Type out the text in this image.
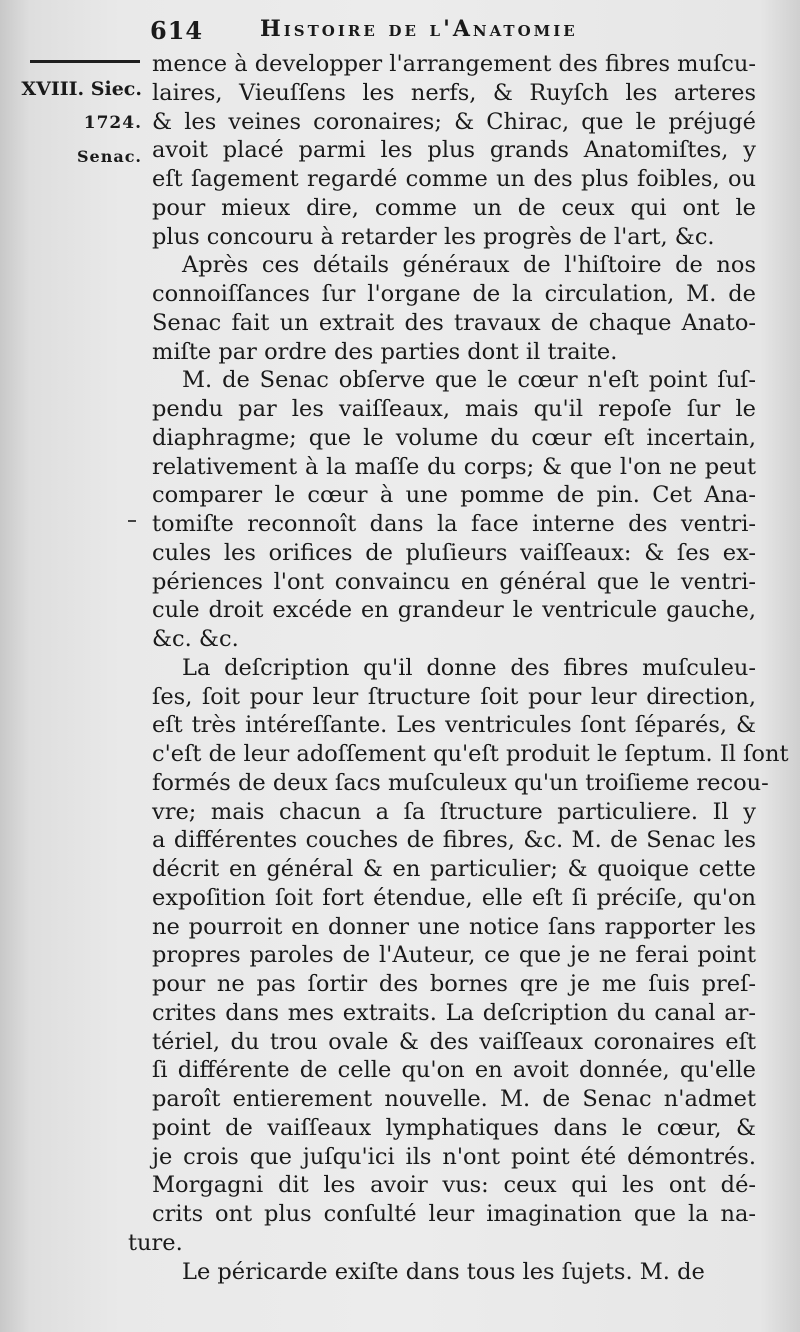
614	Histoire de l'Anatomie
XVIII. Siec.
1724.
Senac.
mence à developper l'arrangement des fibres muſcu-
laires, Vieuſſens les nerfs, & Ruyſch les arteres
& les veines coronaires; & Chirac, que le préjugé
avoit placé parmi les plus grands Anatomiſtes, y
eſt ſagement regardé comme un des plus foibles, ou
pour mieux dire, comme un de ceux qui ont le
plus concouru à retarder les progrès de l'art, &c.
Après ces détails généraux de l'hiſtoire de nos
connoiſſances ſur l'organe de la circulation, M. de
Senac fait un extrait des travaux de chaque Anato-
miſte par ordre des parties dont il traite.
M. de Senac obſerve que le cœur n'eſt point ſuſ-
pendu par les vaiſſeaux, mais qu'il repoſe ſur le
diaphragme; que le volume du cœur eſt incertain,
relativement à la maſſe du corps; & que l'on ne peut
comparer le cœur à une pomme de pin. Cet Ana-
tomiſte reconnoît dans la face interne des ventri-
cules les orifices de pluſieurs vaiſſeaux: & ſes ex-
périences l'ont convaincu en général que le ventri-
cule droit excéde en grandeur le ventricule gauche,
&c. &c.
La deſcription qu'il donne des fibres muſculeu-
ſes, ſoit pour leur ſtructure ſoit pour leur direction,
eſt très intéreſſante. Les ventricules ſont ſéparés, &
c'eſt de leur adoſſement qu'eſt produit le ſeptum. Il ſont
formés de deux ſacs muſculeux qu'un troiſieme recou-
vre; mais chacun a ſa ſtructure particuliere. Il y
a différentes couches de fibres, &c. M. de Senac les
décrit en général & en particulier; & quoique cette
expoſition ſoit fort étendue, elle eſt ſi préciſe, qu'on
ne pourroit en donner une notice ſans rapporter les
propres paroles de l'Auteur, ce que je ne ferai point
pour ne pas ſortir des bornes qre je me ſuis preſ-
crites dans mes extraits. La deſcription du canal ar-
tériel, du trou ovale & des vaiſſeaux coronaires eſt
ſi différente de celle qu'on en avoit donnée, qu'elle
paroît entierement nouvelle. M. de Senac n'admet
point de vaiſſeaux lymphatiques dans le cœur, &
je crois que juſqu'ici ils n'ont point été démontrés.
Morgagni dit les avoir vus: ceux qui les ont dé-
crits ont plus conſulté leur imagination que la na-
ture.
Le péricarde exiſte dans tous les ſujets. M. de
